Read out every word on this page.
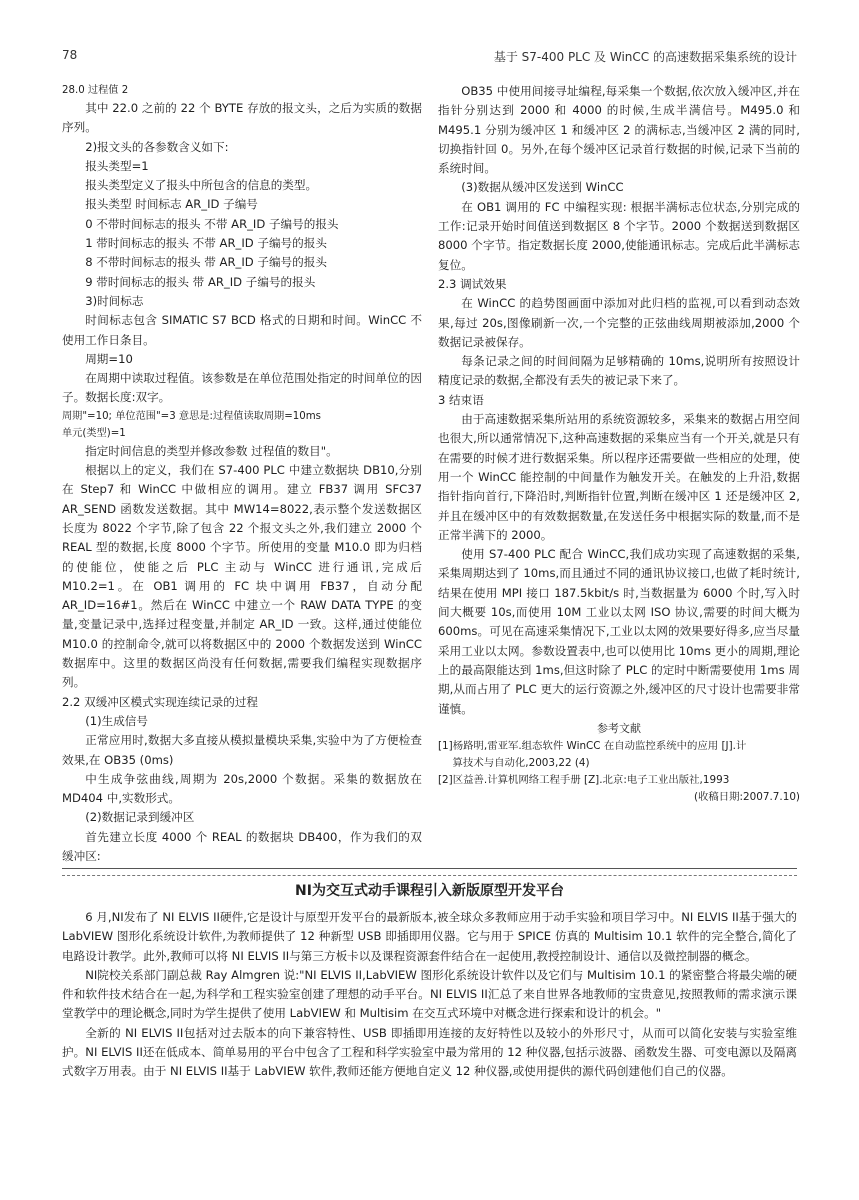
78	基于 S7-400 PLC 及 WinCC 的高速数据采集系统的设计

28.0 过程值 2

其中 22.0 之前的 22 个 BYTE 存放的报文头，之后为实质的数据序列。

2)报文头的各参数含义如下:

报头类型=1

报头类型定义了报头中所包含的信息的类型。

报头类型 时间标志 AR_ID 子编号

0 不带时间标志的报头 不带 AR_ID 子编号的报头

1 带时间标志的报头 不带 AR_ID 子编号的报头

8 不带时间标志的报头 带 AR_ID 子编号的报头

9 带时间标志的报头 带 AR_ID 子编号的报头

3)时间标志

时间标志包含 SIMATIC S7 BCD 格式的日期和时间。WinCC 不使用工作日条目。

周期=10

在周期中读取过程值。该参数是在单位范围处指定的时间单位的因子。数据长度:双字。

周期"=10; 单位范围"=3 意思是:过程值读取周期=10ms

单元(类型)=1

指定时间信息的类型并修改参数 过程值的数目"。

根据以上的定义，我们在 S7-400 PLC 中建立数据块 DB10,分别在 Step7 和 WinCC 中做相应的调用。建立 FB37 调用 SFC37 AR_SEND 函数发送数据。其中 MW14=8022,表示整个发送数据区长度为 8022 个字节,除了包含 22 个报文头之外,我们建立 2000 个 REAL 型的数据,长度 8000 个字节。所使用的变量 M10.0 即为归档的使能位，使能之后 PLC 主动与 WinCC 进行通讯,完成后 M10.2=1。在 OB1 调用的 FC 块中调用 FB37，自动分配 AR_ID=16#1。然后在 WinCC 中建立一个 RAW DATA TYPE 的变量,变量记录中,选择过程变量,并制定 AR_ID 一致。这样,通过使能位 M10.0 的控制命令,就可以将数据区中的 2000 个数据发送到 WinCC 数据库中。这里的数据区尚没有任何数据,需要我们编程实现数据序列。

2.2 双缓冲区模式实现连续记录的过程

(1)生成信号

正常应用时,数据大多直接从模拟量模块采集,实验中为了方便检查效果,在 OB35 (0ms)

中生成争弦曲线,周期为 20s,2000 个数据。采集的数据放在 MD404 中,实数形式。

(2)数据记录到缓冲区

首先建立长度 4000 个 REAL 的数据块 DB400，作为我们的双缓冲区:

OB35 中使用间接寻址编程,每采集一个数据,依次放入缓冲区,并在指针分别达到 2000 和 4000 的时候,生成半满信号。M495.0 和 M495.1 分别为缓冲区 1 和缓冲区 2 的满标志,当缓冲区 2 满的同时,切换指针回 0。另外,在每个缓冲区记录首行数据的时候,记录下当前的系统时间。

(3)数据从缓冲区发送到 WinCC

在 OB1 调用的 FC 中编程实现: 根据半满标志位状态,分别完成的工作:记录开始时间值送到数据区 8 个字节。2000 个数据送到数据区 8000 个字节。指定数据长度 2000,使能通讯标志。完成后此半满标志复位。

2.3 调试效果

在 WinCC 的趋势图画面中添加对此归档的监视,可以看到动态效果,每过 20s,图像刷新一次,一个完整的正弦曲线周期被添加,2000 个数据记录被保存。

每条记录之间的时间间隔为足够精确的 10ms,说明所有按照设计精度记录的数据,全都没有丢失的被记录下来了。

3 结束语

由于高速数据采集所站用的系统资源较多，采集来的数据占用空间也很大,所以通常情况下,这种高速数据的采集应当有一个开关,就是只有在需要的时候才进行数据采集。所以程序还需要做一些相应的处理，使用一个 WinCC 能控制的中间量作为触发开关。在触发的上升沿,数据指针指向首行,下降沿时,判断指针位置,判断在缓冲区 1 还是缓冲区 2,并且在缓冲区中的有效数据数量,在发送任务中根据实际的数量,而不是正常半满下的 2000。

使用 S7-400 PLC 配合 WinCC,我们成功实现了高速数据的采集,采集周期达到了 10ms,而且通过不同的通讯协议接口,也做了耗时统计,结果在使用 MPI 接口 187.5kbit/s 时,当数据量为 6000 个时,写入时间大概要 10s,而使用 10M 工业以太网 ISO 协议,需要的时间大概为 600ms。可见在高速采集情况下,工业以太网的效果要好得多,应当尽量采用工业以太网。参数设置表中,也可以使用比 10ms 更小的周期,理论上的最高限能达到 1ms,但这时除了 PLC 的定时中断需要使用 1ms 周期,从而占用了 PLC 更大的运行资源之外,缓冲区的尺寸设计也需要非常谨慎。

参考文献

[1]杨路明,雷亚军.组态软件 WinCC 在自动监控系统中的应用 [J].计

算技术与自动化,2003,22 (4)

[2]区益善.计算机网络工程手册 [Z].北京:电子工业出版社,1993

(收稿日期:2007.7.10)

NI为交互式动手课程引入新版原型开发平台

6 月,NI发布了 NI ELVIS II硬件,它是设计与原型开发平台的最新版本,被全球众多教师应用于动手实验和项目学习中。NI ELVIS II基于强大的 LabVIEW 图形化系统设计软件,为教师提供了 12 种新型 USB 即插即用仪器。它与用于 SPICE 仿真的 Multisim 10.1 软件的完全整合,简化了电路设计教学。此外,教师可以将 NI ELVIS II与第三方板卡以及课程资源套件结合在一起使用,教授控制设计、通信以及微控制器的概念。

NI院校关系部门副总裁 Ray Almgren 说:"NI ELVIS II,LabVIEW 图形化系统设计软件以及它们与 Multisim 10.1 的紧密整合将最尖端的硬件和软件技术结合在一起,为科学和工程实验室创建了理想的动手平台。NI ELVIS II汇总了来自世界各地教师的宝贵意见,按照教师的需求演示课堂教学中的理论概念,同时为学生提供了使用 LabVIEW 和 Multisim 在交互式环境中对概念进行探索和设计的机会。"

全新的 NI ELVIS II包括对过去版本的向下兼容特性、USB 即插即用连接的友好特性以及较小的外形尺寸，从而可以简化安装与实验室维护。NI ELVIS II还在低成本、简单易用的平台中包含了工程和科学实验室中最为常用的 12 种仪器,包括示波器、函数发生器、可变电源以及隔离式数字万用表。由于 NI ELVIS II基于 LabVIEW 软件,教师还能方便地自定义 12 种仪器,或使用提供的源代码创建他们自己的仪器。
